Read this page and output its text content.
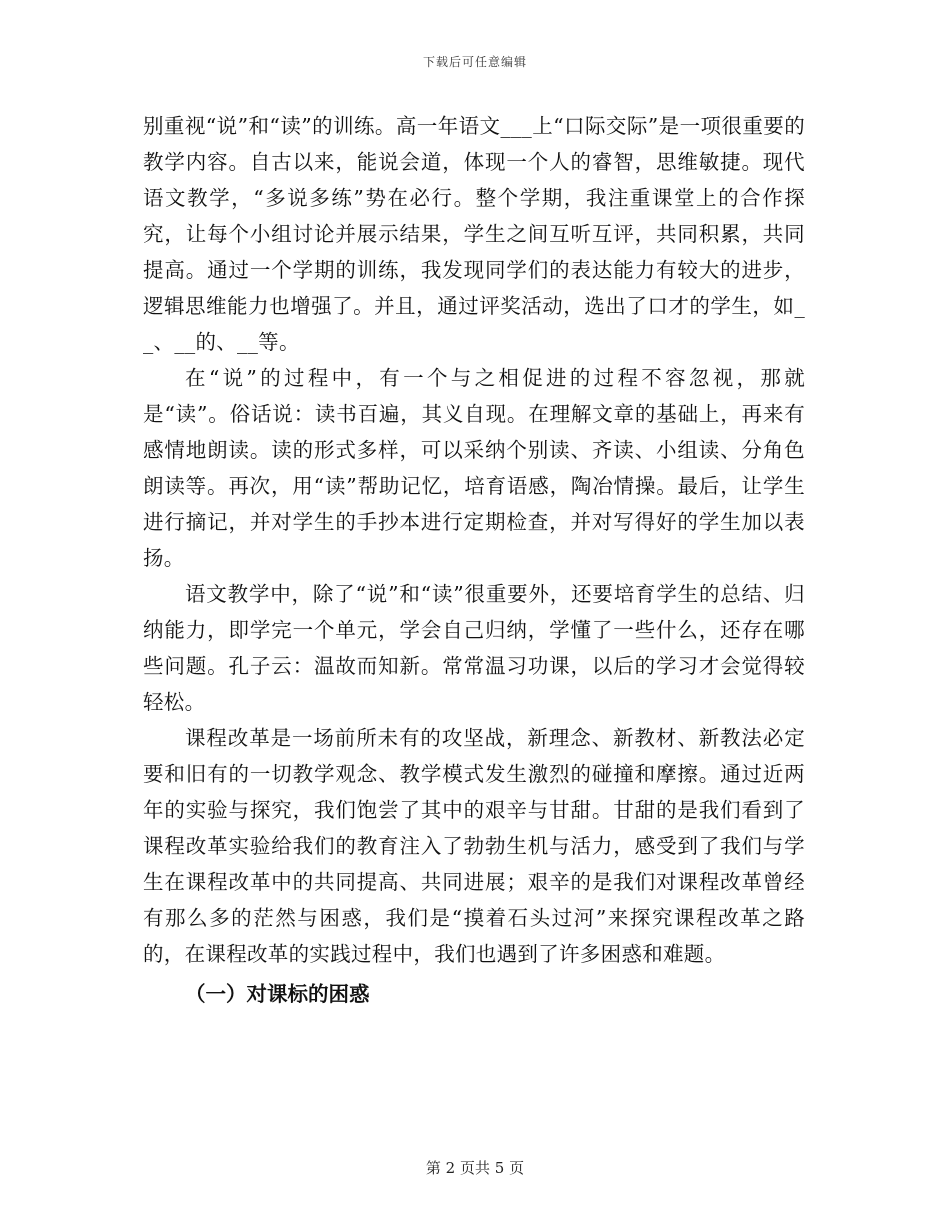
下载后可任意编辑

别重视“说”和“读”的训练。高一年语文___上“口际交际”是一项很重要的教学内容。自古以来，能说会道，体现一个人的睿智，思维敏捷。现代语文教学，“多说多练”势在必行。整个学期，我注重课堂上的合作探究，让每个小组讨论并展示结果，学生之间互听互评，共同积累，共同提高。通过一个学期的训练，我发现同学们的表达能力有较大的进步，逻辑思维能力也增强了。并且，通过评奖活动，选出了口才的学生，如__、__的、__等。

在“说”的过程中，有一个与之相促进的过程不容忽视，那就是“读”。俗话说：读书百遍，其义自现。在理解文章的基础上，再来有感情地朗读。读的形式多样，可以采纳个别读、齐读、小组读、分角色朗读等。再次，用“读”帮助记忆，培育语感，陶冶情操。最后，让学生进行摘记，并对学生的手抄本进行定期检查，并对写得好的学生加以表扬。

语文教学中，除了“说”和“读”很重要外，还要培育学生的总结、归纳能力，即学完一个单元，学会自己归纳，学懂了一些什么，还存在哪些问题。孔子云：温故而知新。常常温习功课，以后的学习才会觉得较轻松。

课程改革是一场前所未有的攻坚战，新理念、新教材、新教法必定要和旧有的一切教学观念、教学模式发生激烈的碰撞和摩擦。通过近两年的实验与探究，我们饱尝了其中的艰辛与甘甜。甘甜的是我们看到了课程改革实验给我们的教育注入了勃勃生机与活力，感受到了我们与学生在课程改革中的共同提高、共同进展；艰辛的是我们对课程改革曾经有那么多的茫然与困惑，我们是“摸着石头过河”来探究课程改革之路的，在课程改革的实践过程中，我们也遇到了许多困惑和难题。

（一）对课标的困惑

第 2 页共 5 页
